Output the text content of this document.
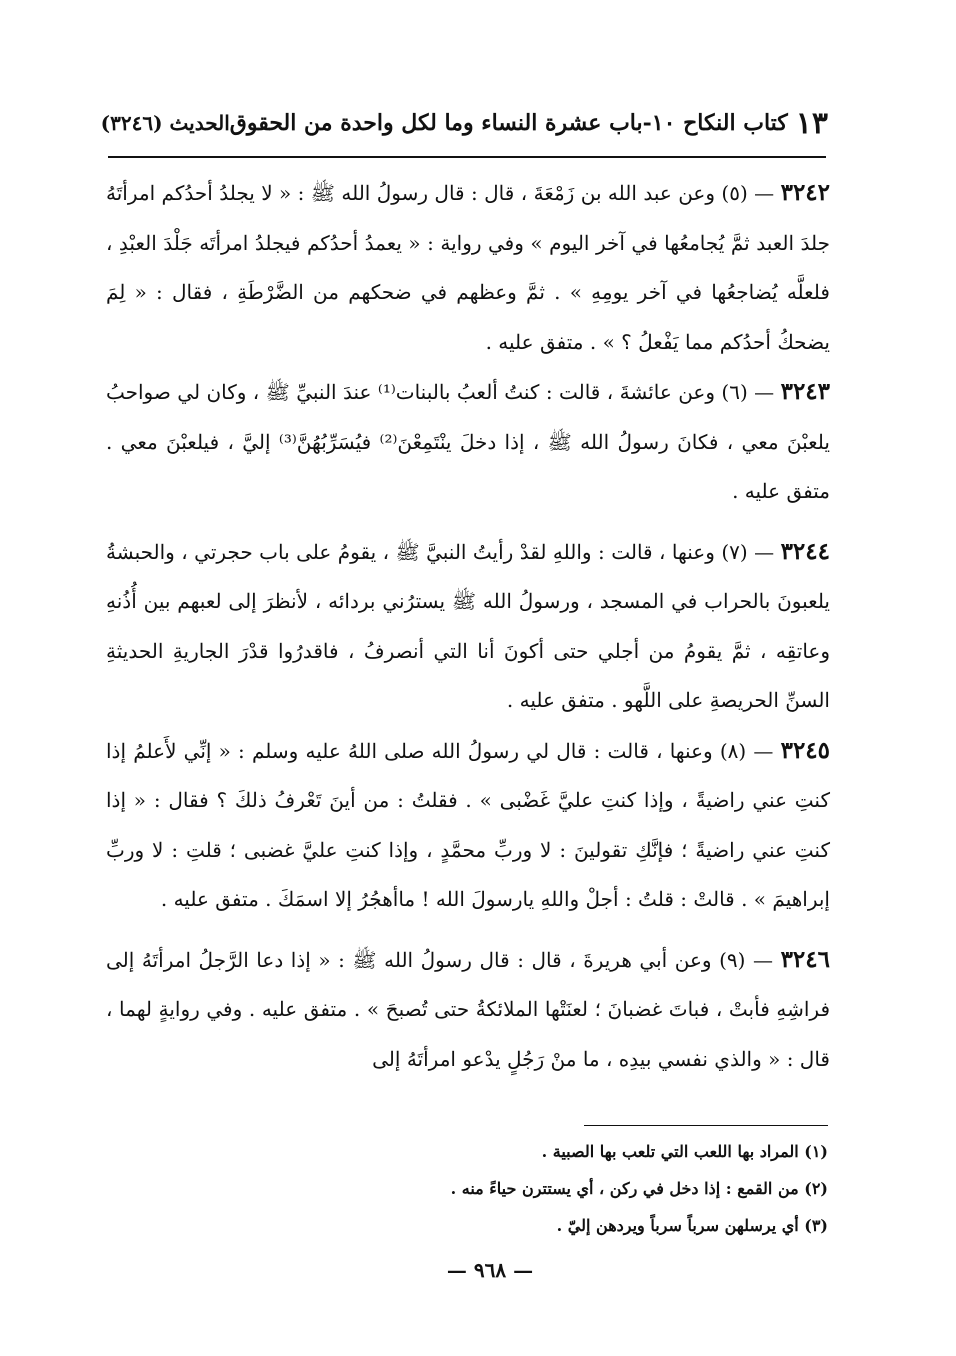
١٣
كتاب النكاح ١٠-باب عشرة النساء وما لكل واحدة من الحقوق
الحديث (٣٢٤٦)

٣٢٤٢ — (٥) وعن عبد الله بن زَمْعَةَ ، قال : قال رسولُ الله ﷺ : « لا يجلدُ أحدُكم امرأتَهُ جلدَ العبد ثمَّ يُجامعُها في آخر اليوم » وفي رواية : « يعمدُ أحدُكم فيجلدُ امرأتَه جَلْدَ العبْدِ ، فلعلَّه يُضاجعُها في آخر يومِهِ » . ثمَّ وعظهم في ضحكهم من الضَّرْطَةِ ، فقال : « لِمَ يضحكُ أحدُكم مما يَفْعلُ ؟ » . متفق عليه .

٣٢٤٣ — (٦) وعن عائشةَ ، قالت : كنتُ ألعبُ بالبنات⁽¹⁾ عندَ النبيِّ ﷺ ، وكان لي صواحبُ يلعبْنَ معي ، فكانَ رسولُ الله ﷺ ، إذا دخلَ ينْتَمِعْنَ⁽²⁾ فيُسَرِّبُهُنَّ⁽³⁾ إليَّ ، فيلعبْنَ معي . متفق عليه .

٣٢٤٤ — (٧) وعنها ، قالت : واللهِ لقدْ رأيتُ النبيَّ ﷺ ، يقومُ على باب حجرتي ، والحبشةُ يلعبونَ بالحراب في المسجد ، ورسولُ الله ﷺ يسترُني بردائه ، لأنظرَ إلى لعبهم بين أُذُنهِ وعاتقِه ، ثمَّ يقومُ من أجلي حتى أكونَ أنا التي أنصرفُ ، فاقدرُوا قدْرَ الجاريةِ الحديثةِ السنِّ الحريصةِ على اللَّهو . متفق عليه .

٣٢٤٥ — (٨) وعنها ، قالت : قال لي رسولُ الله صلى اللهُ عليه وسلم : « إنِّي لأَعلمُ إذا كنتِ عني راضيةً ، وإذا كنتِ عليَّ غَضْبى » . فقلتُ : من أينَ تَعْرفُ ذلكَ ؟ فقال : « إذا كنتِ عني راضيةً ؛ فإنَّكِ تقولينَ : لا وربِّ محمَّدٍ ، وإذا كنتِ عليَّ غضبى ؛ قلتِ : لا وربِّ إبراهيمَ » . قالتْ : قلتُ : أجلْ واللهِ يارسولَ الله ! ماأهجُرُ إلا اسمَكَ . متفق عليه .

٣٢٤٦ — (٩) وعن أبي هريرةَ ، قال : قال رسولُ الله ﷺ : « إذا دعا الرَّجلُ امرأتَهُ إلى فراشِهِ فأبتْ ، فباتَ غضبانَ ؛ لعنَتْها الملائكةُ حتى تُصبحَ » . متفق عليه . وفي روايةٍ لهما ، قال : « والذي نفسي بيدِه ، ما منْ رَجُلٍ يدْعو امرأتَهُ إلى

(١) المراد بها اللعب التي تلعب بها الصبية .

(٢) من القمع : إذا دخل في ركن ، أي يستترن حياءً منه .

(٣) أي يرسلهن سرباً سرباً ويردهن إليّ .

— ٩٦٨ —
